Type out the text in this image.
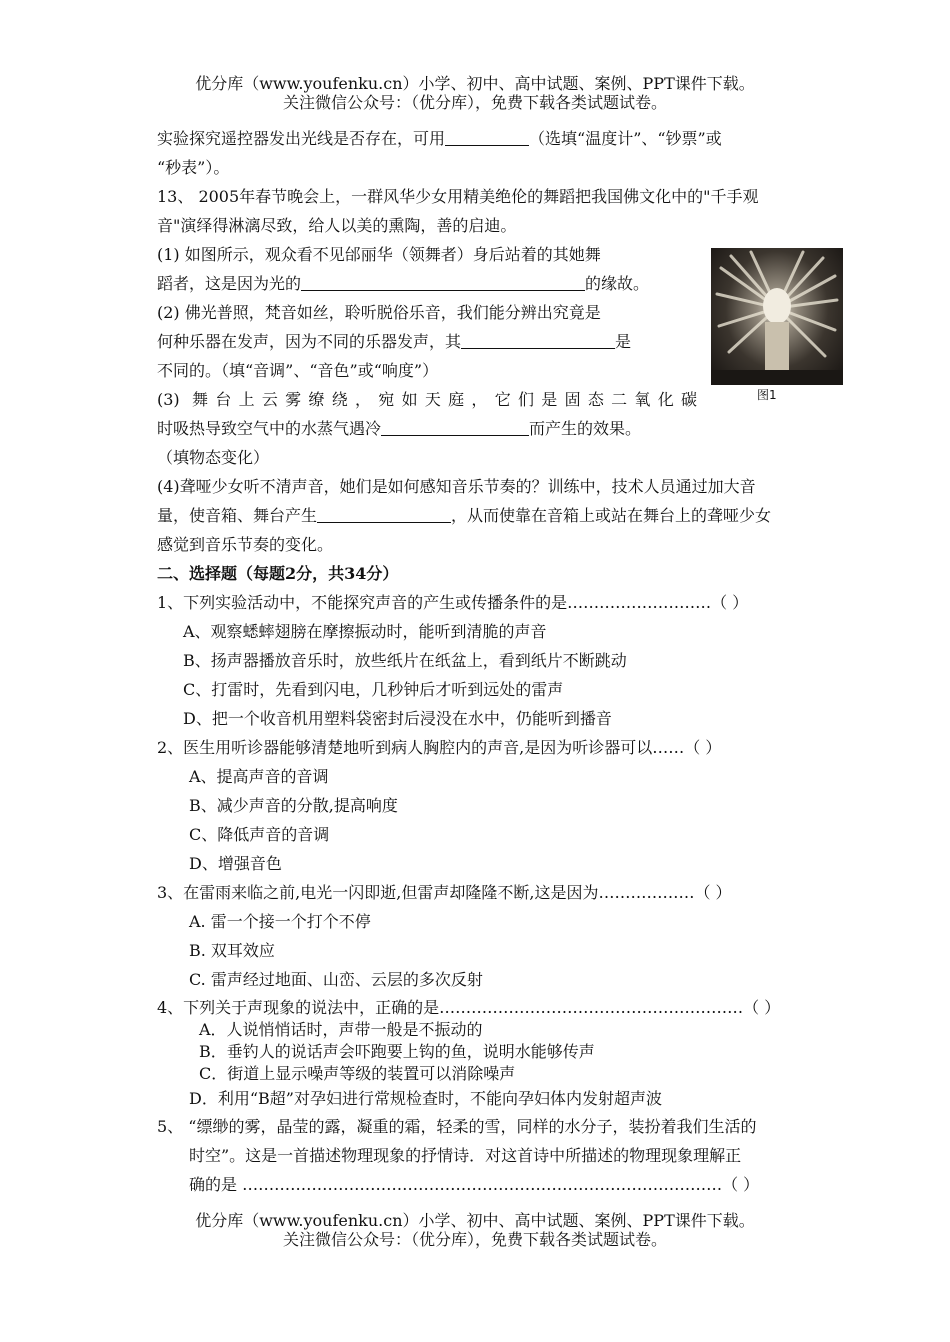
优分库（www.youfenku.cn）小学、初中、高中试题、案例、PPT课件下载。
关注微信公众号：（优分库），免费下载各类试题试卷。
实验探究遥控器发出光线是否存在，可用	（选填“温度计”、“钞票”或
“秒表”）。
13、 2005年春节晚会上，一群风华少女用精美绝伦的舞蹈把我国佛文化中的"千手观
音"演绎得淋漓尽致，给人以美的熏陶，善的启迪。
(1) 如图所示，观众看不见邰丽华（领舞者）身后站着的其她舞
蹈者，这是因为光的	的缘故。
(2) 佛光普照，梵音如丝，聆听脱俗乐音，我们能分辨出究竟是
何种乐器在发声，因为不同的乐器发声，其	是
不同的。（填“音调”、“音色”或“响度”）
(3) 舞台上云雾缭绕，宛如天庭，它们是固态二氧化碳
时吸热导致空气中的水蒸气遇冷	而产生的效果。
图1
（填物态变化）
(4)聋哑少女听不清声音，她们是如何感知音乐节奏的？训练中，技术人员通过加大音
量，使音箱、舞台产生	，从而使靠在音箱上或站在舞台上的聋哑少女
感觉到音乐节奏的变化。
二、选择题（每题2分，共34分）
1、下列实验活动中，不能探究声音的产生或传播条件的是………………………（ ）
A、观察蟋蟀翅膀在摩擦振动时，能听到清脆的声音
B、扬声器播放音乐时，放些纸片在纸盆上，看到纸片不断跳动
C、打雷时，先看到闪电，几秒钟后才听到远处的雷声
D、把一个收音机用塑料袋密封后浸没在水中，仍能听到播音
2、医生用听诊器能够清楚地听到病人胸腔内的声音,是因为听诊器可以……（ ）
A、提高声音的音调
B、减少声音的分散,提高响度
C、降低声音的音调
D、增强音色
3、在雷雨来临之前,电光一闪即逝,但雷声却隆隆不断,这是因为………………（ ）
A. 雷一个接一个打个不停
B. 双耳效应
C. 雷声经过地面、山峦、云层的多次反射
4、下列关于声现象的说法中，正确的是…………………………………………………（ ）
A．人说悄悄话时，声带一般是不振动的
B．垂钓人的说话声会吓跑要上钩的鱼，说明水能够传声
C．街道上显示噪声等级的装置可以消除噪声
D．利用“B超”对孕妇进行常规检查时，不能向孕妇体内发射超声波
5、 “缥缈的雾，晶莹的露，凝重的霜，轻柔的雪，同样的水分子，装扮着我们生活的
时空”。这是一首描述物理现象的抒情诗．对这首诗中所描述的物理现象理解正
确的是 ………………………………………………………………………………（ ）
优分库（www.youfenku.cn）小学、初中、高中试题、案例、PPT课件下载。
关注微信公众号：（优分库），免费下载各类试题试卷。
